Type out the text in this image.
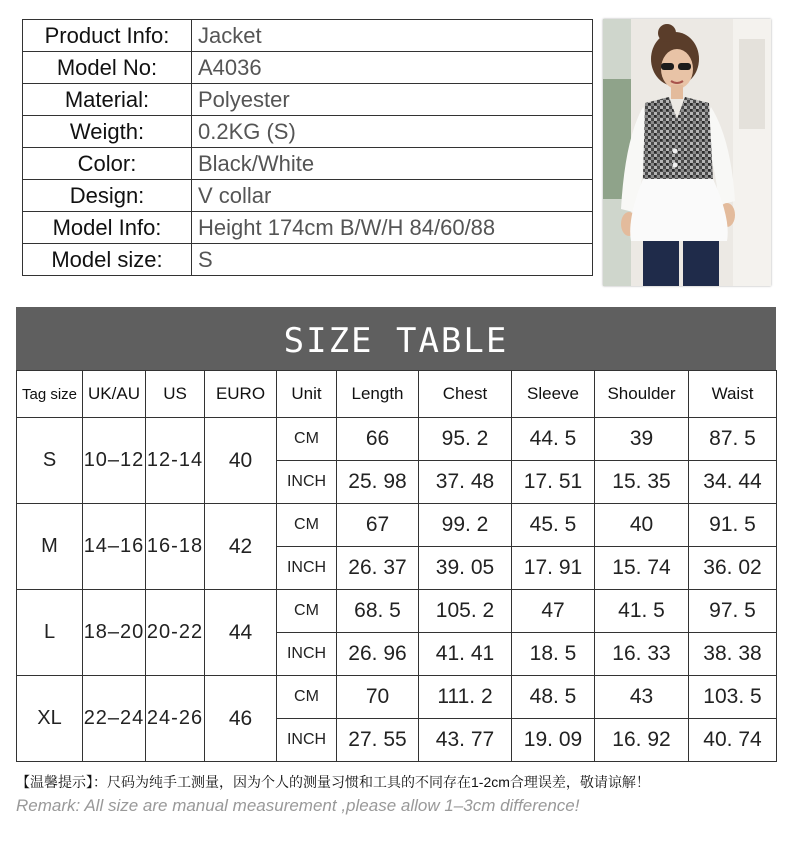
Product Info:	Jacket
Model No:	A4036
Material:	Polyester
Weigth:	0.2KG (S)
Color:	Black/White
Design:	V collar
Model Info:	Height 174cm B/W/H 84/60/88
Model size:	S
SIZE TABLE
Tag size	UK/AU	US	EURO	Unit	Length	Chest	Sleeve	Shoulder	Waist
S	10–12	12-14	40	CM	66	95. 2	44. 5	39	87. 5
				INCH	25. 98	37. 48	17. 51	15. 35	34. 44
M	14–16	16-18	42	CM	67	99. 2	45. 5	40	91. 5
				INCH	26. 37	39. 05	17. 91	15. 74	36. 02
L	18–20	20-22	44	CM	68. 5	105. 2	47	41. 5	97. 5
				INCH	26. 96	41. 41	18. 5	16. 33	38. 38
XL	22–24	24-26	46	CM	70	111. 2	48. 5	43	103. 5
				INCH	27. 55	43. 77	19. 09	16. 92	40. 74
【温馨提示】：尺码为纯手工测量，因为个人的测量习惯和工具的不同存在1-2cm合理误差，敬请谅解！
Remark: All size are manual measurement ,please allow 1–3cm difference!
